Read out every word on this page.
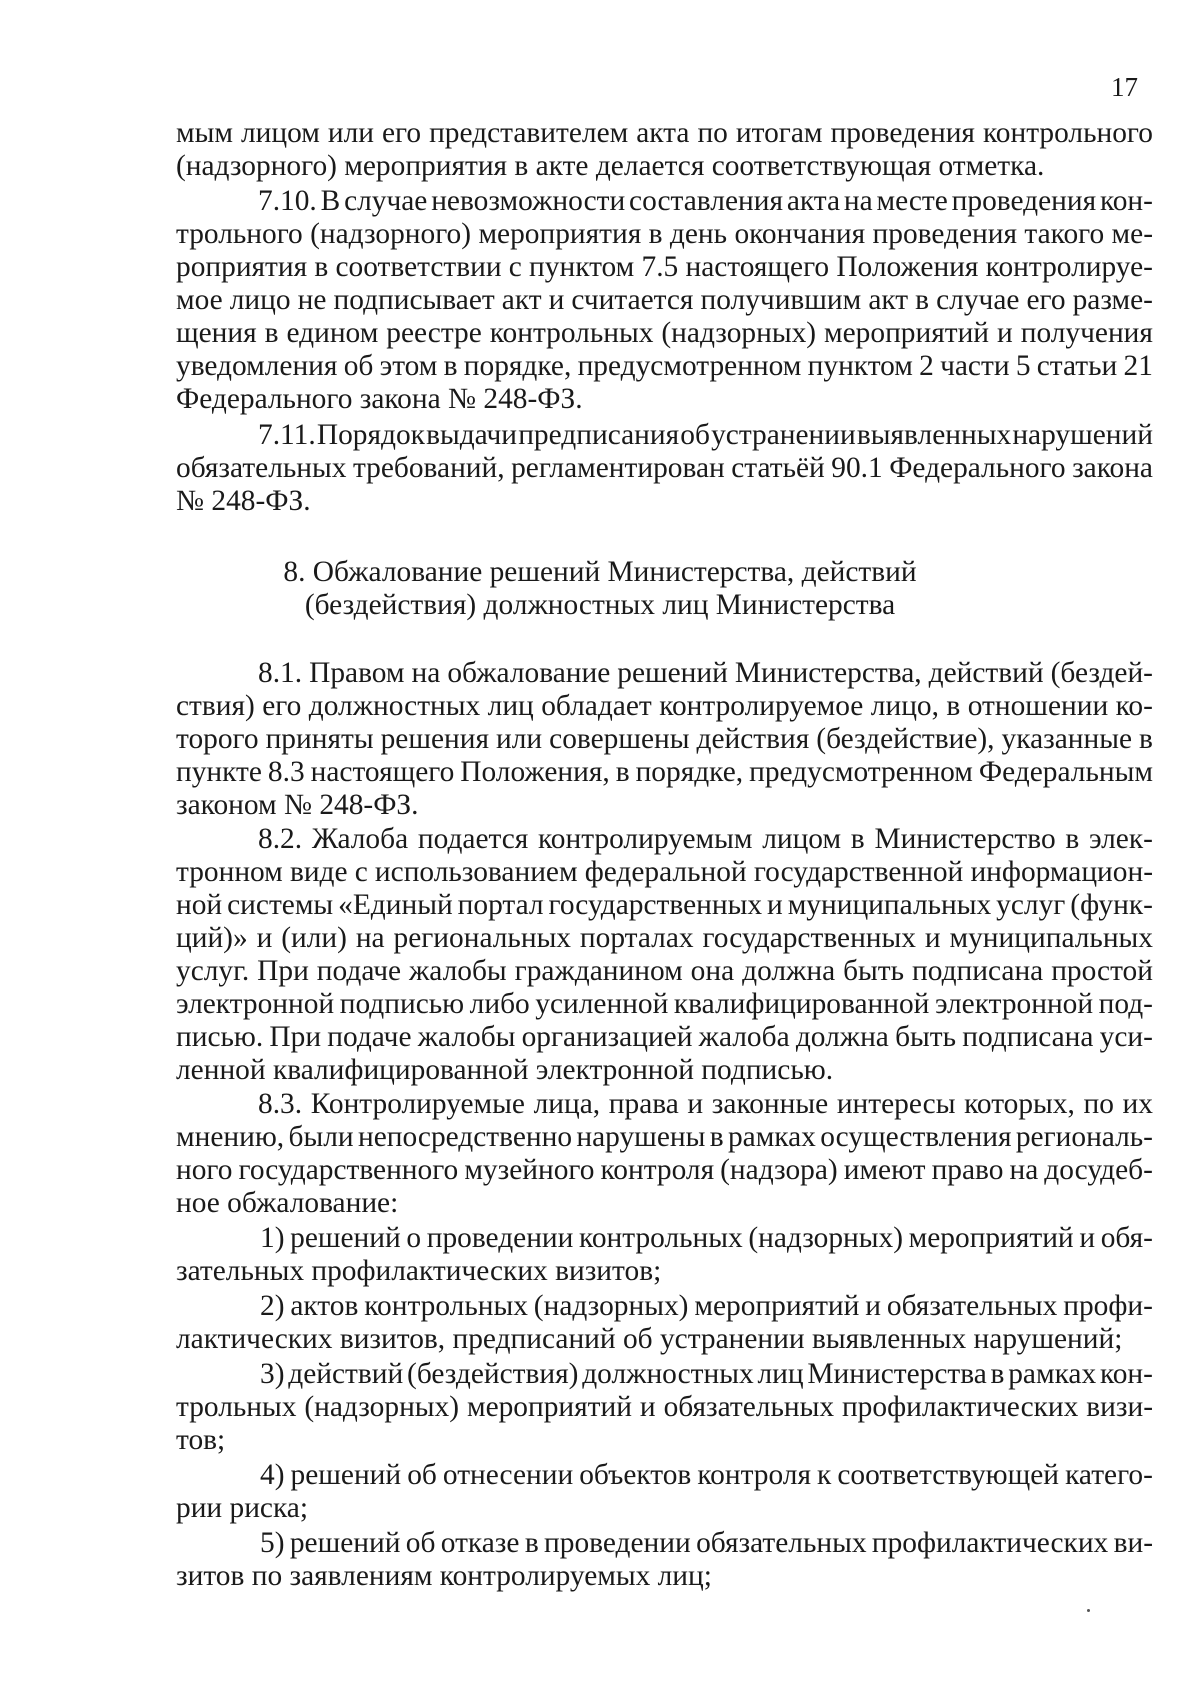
17
мым лицом или его представителем акта по итогам проведения контрольного
(надзорного) мероприятия в акте делается соответствующая отметка.
7.10. В случае невозможности составления акта на месте проведения кон-
трольного (надзорного) мероприятия в день окончания проведения такого ме-
роприятия в соответствии с пунктом 7.5 настоящего Положения контролируе-
мое лицо не подписывает акт и считается получившим акт в случае его разме-
щения в едином реестре контрольных (надзорных) мероприятий и получения
уведомления об этом в порядке, предусмотренном пунктом 2 части 5 статьи 21
Федерального закона № 248-ФЗ.
7.11. Порядок выдачи предписания об устранении выявленных нарушений
обязательных требований, регламентирован статьёй 90.1 Федерального закона
№ 248-ФЗ.
8. Обжалование решений Министерства, действий
(бездействия) должностных лиц Министерства
8.1. Правом на обжалование решений Министерства, действий (бездей-
ствия) его должностных лиц обладает контролируемое лицо, в отношении ко-
торого приняты решения или совершены действия (бездействие), указанные в
пункте 8.3 настоящего Положения, в порядке, предусмотренном Федеральным
законом № 248-ФЗ.
8.2. Жалоба подается контролируемым лицом в Министерство в элек-
тронном виде с использованием федеральной государственной информацион-
ной системы «Единый портал государственных и муниципальных услуг (функ-
ций)» и (или) на региональных порталах государственных и муниципальных
услуг. При подаче жалобы гражданином она должна быть подписана простой
электронной подписью либо усиленной квалифицированной электронной под-
писью. При подаче жалобы организацией жалоба должна быть подписана уси-
ленной квалифицированной электронной подписью.
8.3. Контролируемые лица, права и законные интересы которых, по их
мнению, были непосредственно нарушены в рамках осуществления региональ-
ного государственного музейного контроля (надзора) имеют право на досудеб-
ное обжалование:
1) решений о проведении контрольных (надзорных) мероприятий и обя-
зательных профилактических визитов;
2) актов контрольных (надзорных) мероприятий и обязательных профи-
лактических визитов, предписаний об устранении выявленных нарушений;
3) действий (бездействия) должностных лиц Министерства в рамках кон-
трольных (надзорных) мероприятий и обязательных профилактических визи-
тов;
4) решений об отнесении объектов контроля к соответствующей катего-
рии риска;
5) решений об отказе в проведении обязательных профилактических ви-
зитов по заявлениям контролируемых лиц;
